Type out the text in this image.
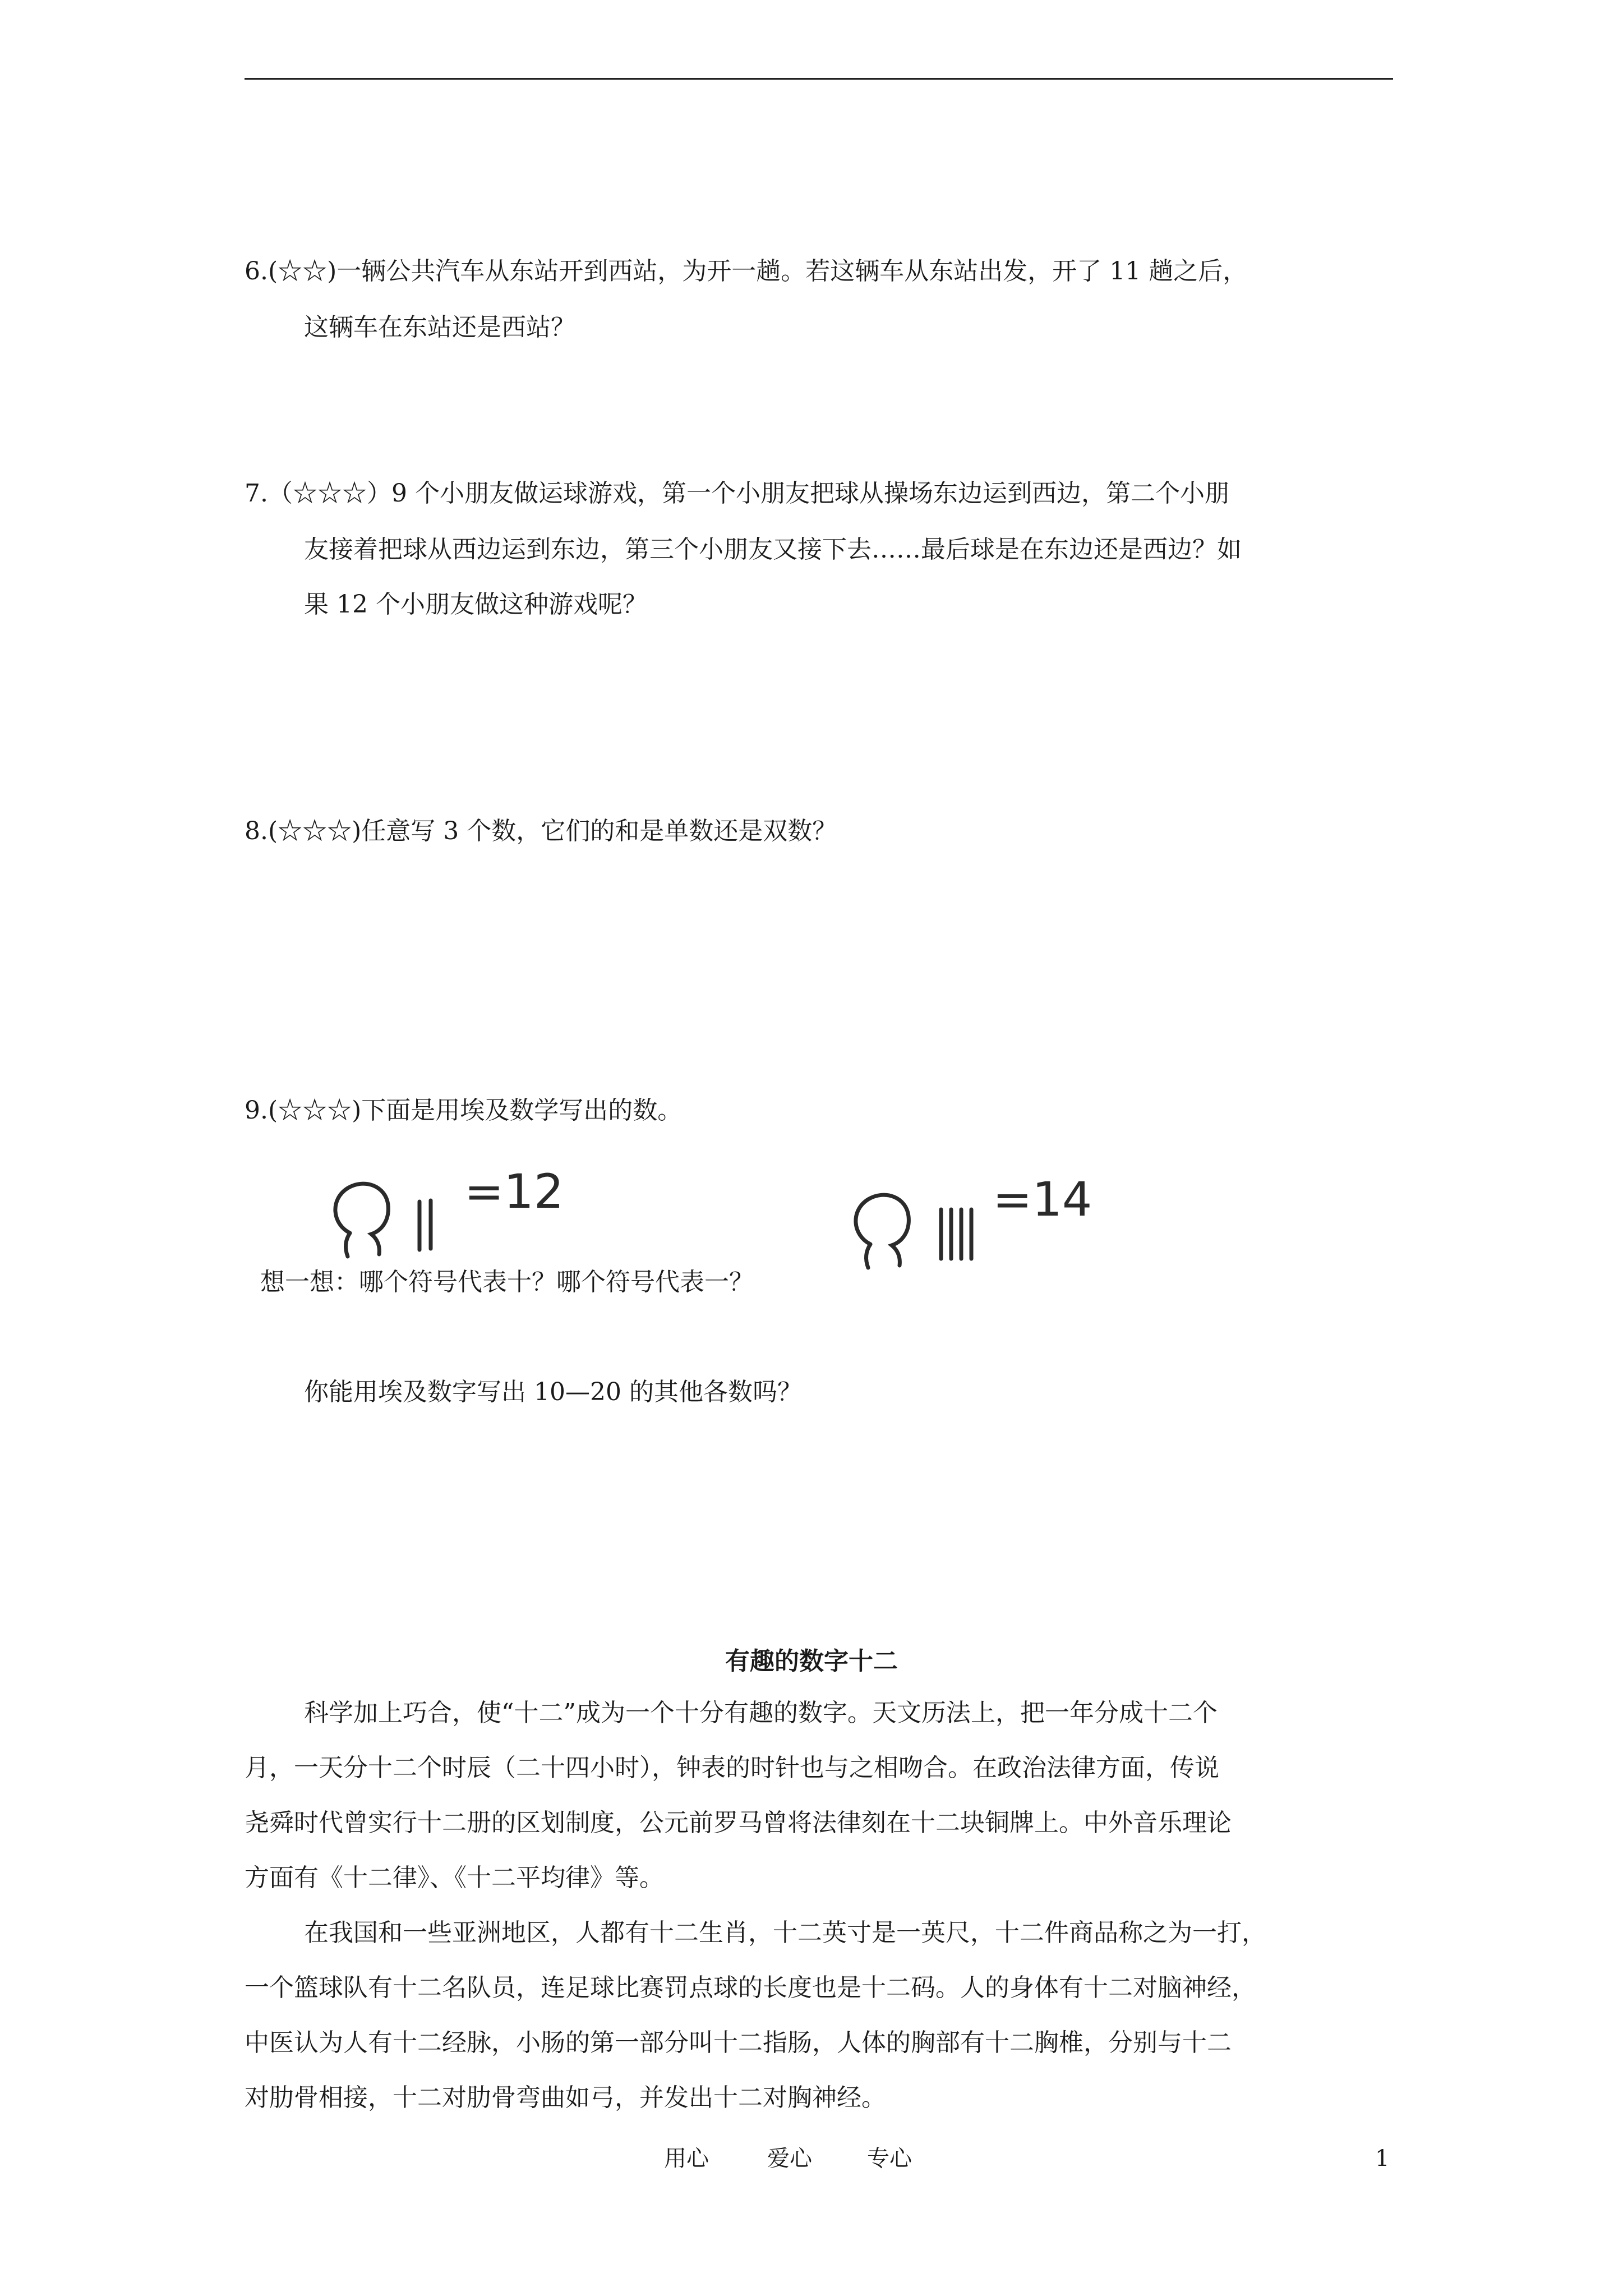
6.(☆☆)一辆公共汽车从东站开到西站，为开一趟。若这辆车从东站出发，开了 11 趟之后，
这辆车在东站还是西站？
7.（☆☆☆）9 个小朋友做运球游戏，第一个小朋友把球从操场东边运到西边，第二个小朋
友接着把球从西边运到东边，第三个小朋友又接下去……最后球是在东边还是西边？如
果 12 个小朋友做这种游戏呢？
8.(☆☆☆)任意写 3 个数，它们的和是单数还是双数？
9.(☆☆☆)下面是用埃及数学写出的数。
=12	=14
想一想：哪个符号代表十？哪个符号代表一？
你能用埃及数字写出 10—20 的其他各数吗？
有趣的数字十二
科学加上巧合，使“十二”成为一个十分有趣的数字。天文历法上，把一年分成十二个
月，一天分十二个时辰（二十四小时），钟表的时针也与之相吻合。在政治法律方面，传说
尧舜时代曾实行十二册的区划制度，公元前罗马曾将法律刻在十二块铜牌上。中外音乐理论
方面有《十二律》、《十二平均律》等。
在我国和一些亚洲地区，人都有十二生肖，十二英寸是一英尺，十二件商品称之为一打，
一个篮球队有十二名队员，连足球比赛罚点球的长度也是十二码。人的身体有十二对脑神经，
中医认为人有十二经脉，小肠的第一部分叫十二指肠，人体的胸部有十二胸椎，分别与十二
对肋骨相接，十二对肋骨弯曲如弓，并发出十二对胸神经。
用心	爱心 专心	1
